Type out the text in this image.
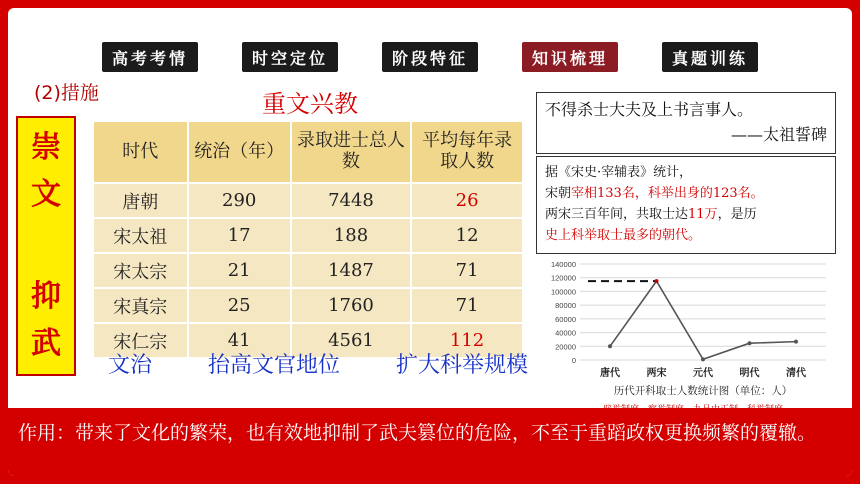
高考考情	时空定位	阶段特征	知识梳理	真题训练
(2)措施	重文兴教
崇
文
抑
武
时代	统治（年）	录取进士总人数	平均每年录取人数
唐朝	290	7448	26
宋太祖	17	188	12
宋太宗	21	1487	71
宋真宗	25	1760	71
宋仁宗	41	4561	112
文治	抬高文官地位	扩大科举规模
不得杀士大夫及上书言事人。
——太祖誓碑
据《宋史·宰辅表》统计，
宋朝宰相133名，科举出身的123名。
两宋三百年间，共取士达11万，是历
史上科举取士最多的朝代。
0
20000
40000
60000
80000
100000
120000
140000
唐代	两宋	元代	明代	清代
历代开科取士人数统计图（单位：人）
作用：带来了文化的繁荣，也有效地抑制了武夫篡位的危险，不至于重蹈政权更换频繁的覆辙。
